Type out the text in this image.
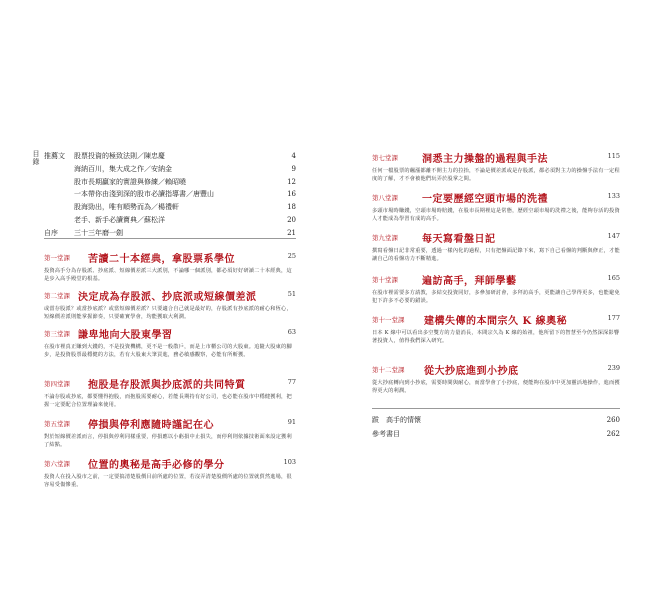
目錄 推薦文	股票投資的極致法則／陳忠慶	4
海納百川，集大成之作／安納金	9
股市長期贏家的實證與修練／賴昭曉	12
一本帶你由淺到深的股市必讀指導書／唐豐山	16
股海勁出，唯有順勢而為／楊禮軒	18
老手、新手必讀寶典／蘇松洋	20
自序	三十三年磨一劍	21
第一堂課 苦讀二十本經典，拿股票系學位	25
投資高手分為存股派、抄底派、短線價差派三大派別，不論哪一個派別，都必須好好研讀二十本經典，這是步入高手殿堂的根基。
第二堂課 決定成為存股派、抄底派或短線價差派	51
或當存股派？或當抄底派？或當短線價差派？只要適合自己就是最好的，存股派有抄底派的耐心和恆心，短線價差派則能掌握節奏，只要確實學會，均能獲取大利潤。
第三堂課 謙卑地向大股東學習	63
在股市裡真正賺到大錢的，不是投資機構，更不是一般散戶，而是上市櫃公司的大股東。追隨大股東的腳步，是投資股票最穩健的方法，若有大股東大筆買進，務必敏感觀察，必能有所斬獲。
第四堂課 抱股是存股派與抄底派的共同特質	77
不論存股或抄底，都要懂得抱股，而抱股需要耐心，若能長期持有好公司，也必能在股市中穩健獲利，把握一定要配合位置理論來使用。
第五堂課 停損與停利應隨時謹記在心	91
對於短線價差派而言，停損與停利同樣重要，停損應以小虧損中止損失，而停利則依據技術面來設定獲利了結點。
第六堂課 位置的奧秘是高手必修的學分	103
投資人在投入股市之前，一定要搞清楚股價目前所處的位置，若沒弄清楚股價所處的位置就貿然進場，很容易受傷慘重。
第七堂課 洞悉主力操盤的過程與手法	115
任何一檔股票的飆漲都離不開主力的拉抬，不論是價差派或是存股派，都必須對主力的操盤手法有一定程度的了解，才不會被他們玩弄於股掌之間。
第八堂課 一定要歷經空頭市場的洗禮	133
多頭市場時賺錢，空頭市場時賠錢，在股市長期裡這是常態，歷經空頭市場的洗禮之後，能夠存活的投資人才能成為學習有成的高手。
第九堂課 每天寫看盤日記	147
撰寫看盤日記非常重要，透過一樣內化的過程，只有把盤面記錄下來，寫下自己看盤的判斷與修正，才能讓自己的看盤功力不斷精進。
第十堂課 遍訪高手，拜師學藝	165
在股市裡需要多方請教，多結交投資同好，多參加研討會，多拜訪高手，更能讓自己學得更多，也能避免犯下許多不必要的錯誤。
第十一堂課 建構失傳的本間宗久 K 線奧秘	177
日本 K 線中可以看出多空雙方的力量消長，本間宗久為 K 線的始祖，他所留下的智慧至今仍然深深影響著投資人，值得我們深入研究。
第十二堂課 從大抄底進到小抄底	239
從大抄底轉向到小抄底，需要時間與耐心，而當學會了小抄底，便能夠在股市中更加靈活地操作，進而獲得更大的利潤。
跋　高手的情懷	260
參考書目	262
